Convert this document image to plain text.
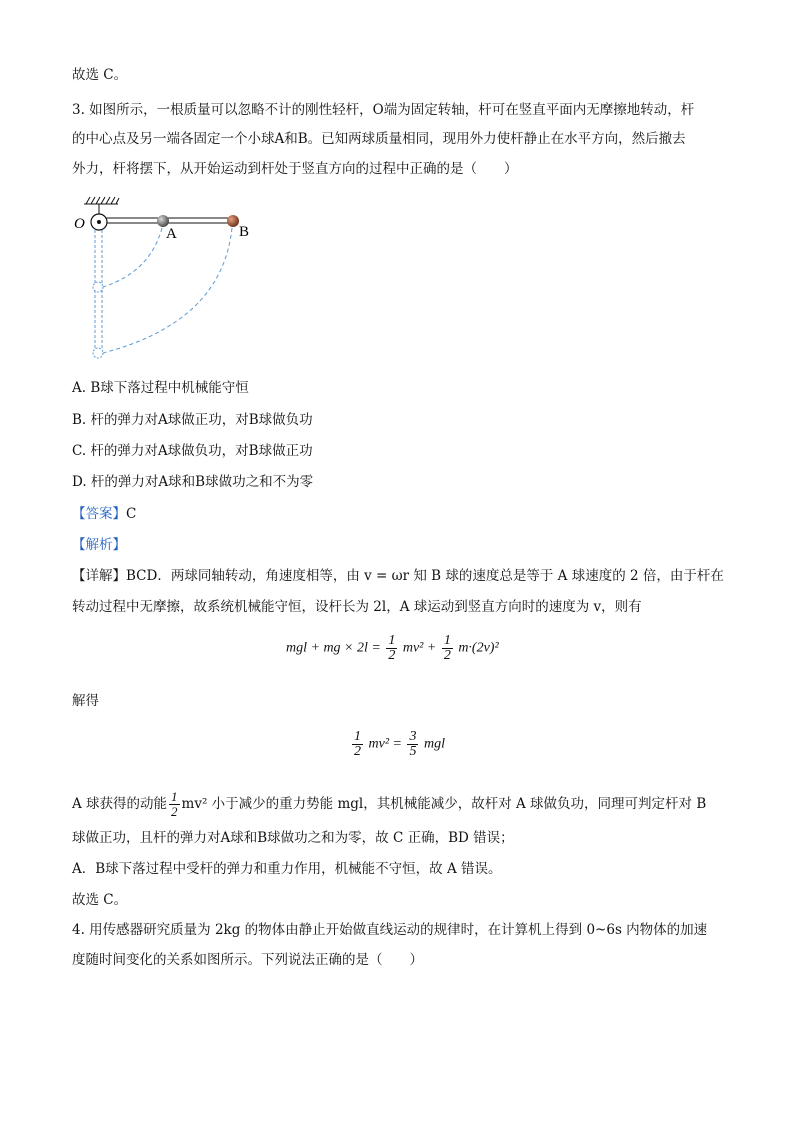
故选 C。
3. 如图所示，一根质量可以忽略不计的刚性轻杆，O端为固定转轴，杆可在竖直平面内无摩擦地转动，杆
的中心点及另一端各固定一个小球A和B。已知两球质量相同，现用外力使杆静止在水平方向，然后撤去
外力，杆将摆下，从开始运动到杆处于竖直方向的过程中正确的是（　　）
O
A	B
A. B球下落过程中机械能守恒
B. 杆的弹力对A球做正功，对B球做负功
C. 杆的弹力对A球做负功，对B球做正功
D. 杆的弹力对A球和B球做功之和不为零
【答案】C
【解析】
【详解】BCD．两球同轴转动，角速度相等，由 v = ωr 知 B 球的速度总是等于 A 球速度的 2 倍，由于杆在
转动过程中无摩擦，故系统机械能守恒，设杆长为 2l，A 球运动到竖直方向时的速度为 v，则有
mgl + mg × $2l = \frac{1}{2} mv^2 + \frac{1}{2} m\cdot(2v)^2$
解得
$\frac{1}{2} mv^2 = \frac{3}{5}$ mgl
A 球获得的动能 $\frac{1}{2} mv^2$ 小于减少的重力势能 mgl，其机械能减少，故杆对 A 球做负功，同理可判定杆对 B
球做正功，且杆的弹力对A球和B球做功之和为零，故 C 正确，BD 错误；
A．B球下落过程中受杆的弹力和重力作用，机械能不守恒，故 A 错误。
故选 C。
4. 用传感器研究质量为 2kg 的物体由静止开始做直线运动的规律时，在计算机上得到 0~6s 内物体的加速
度随时间变化的关系如图所示。下列说法正确的是（　　）
